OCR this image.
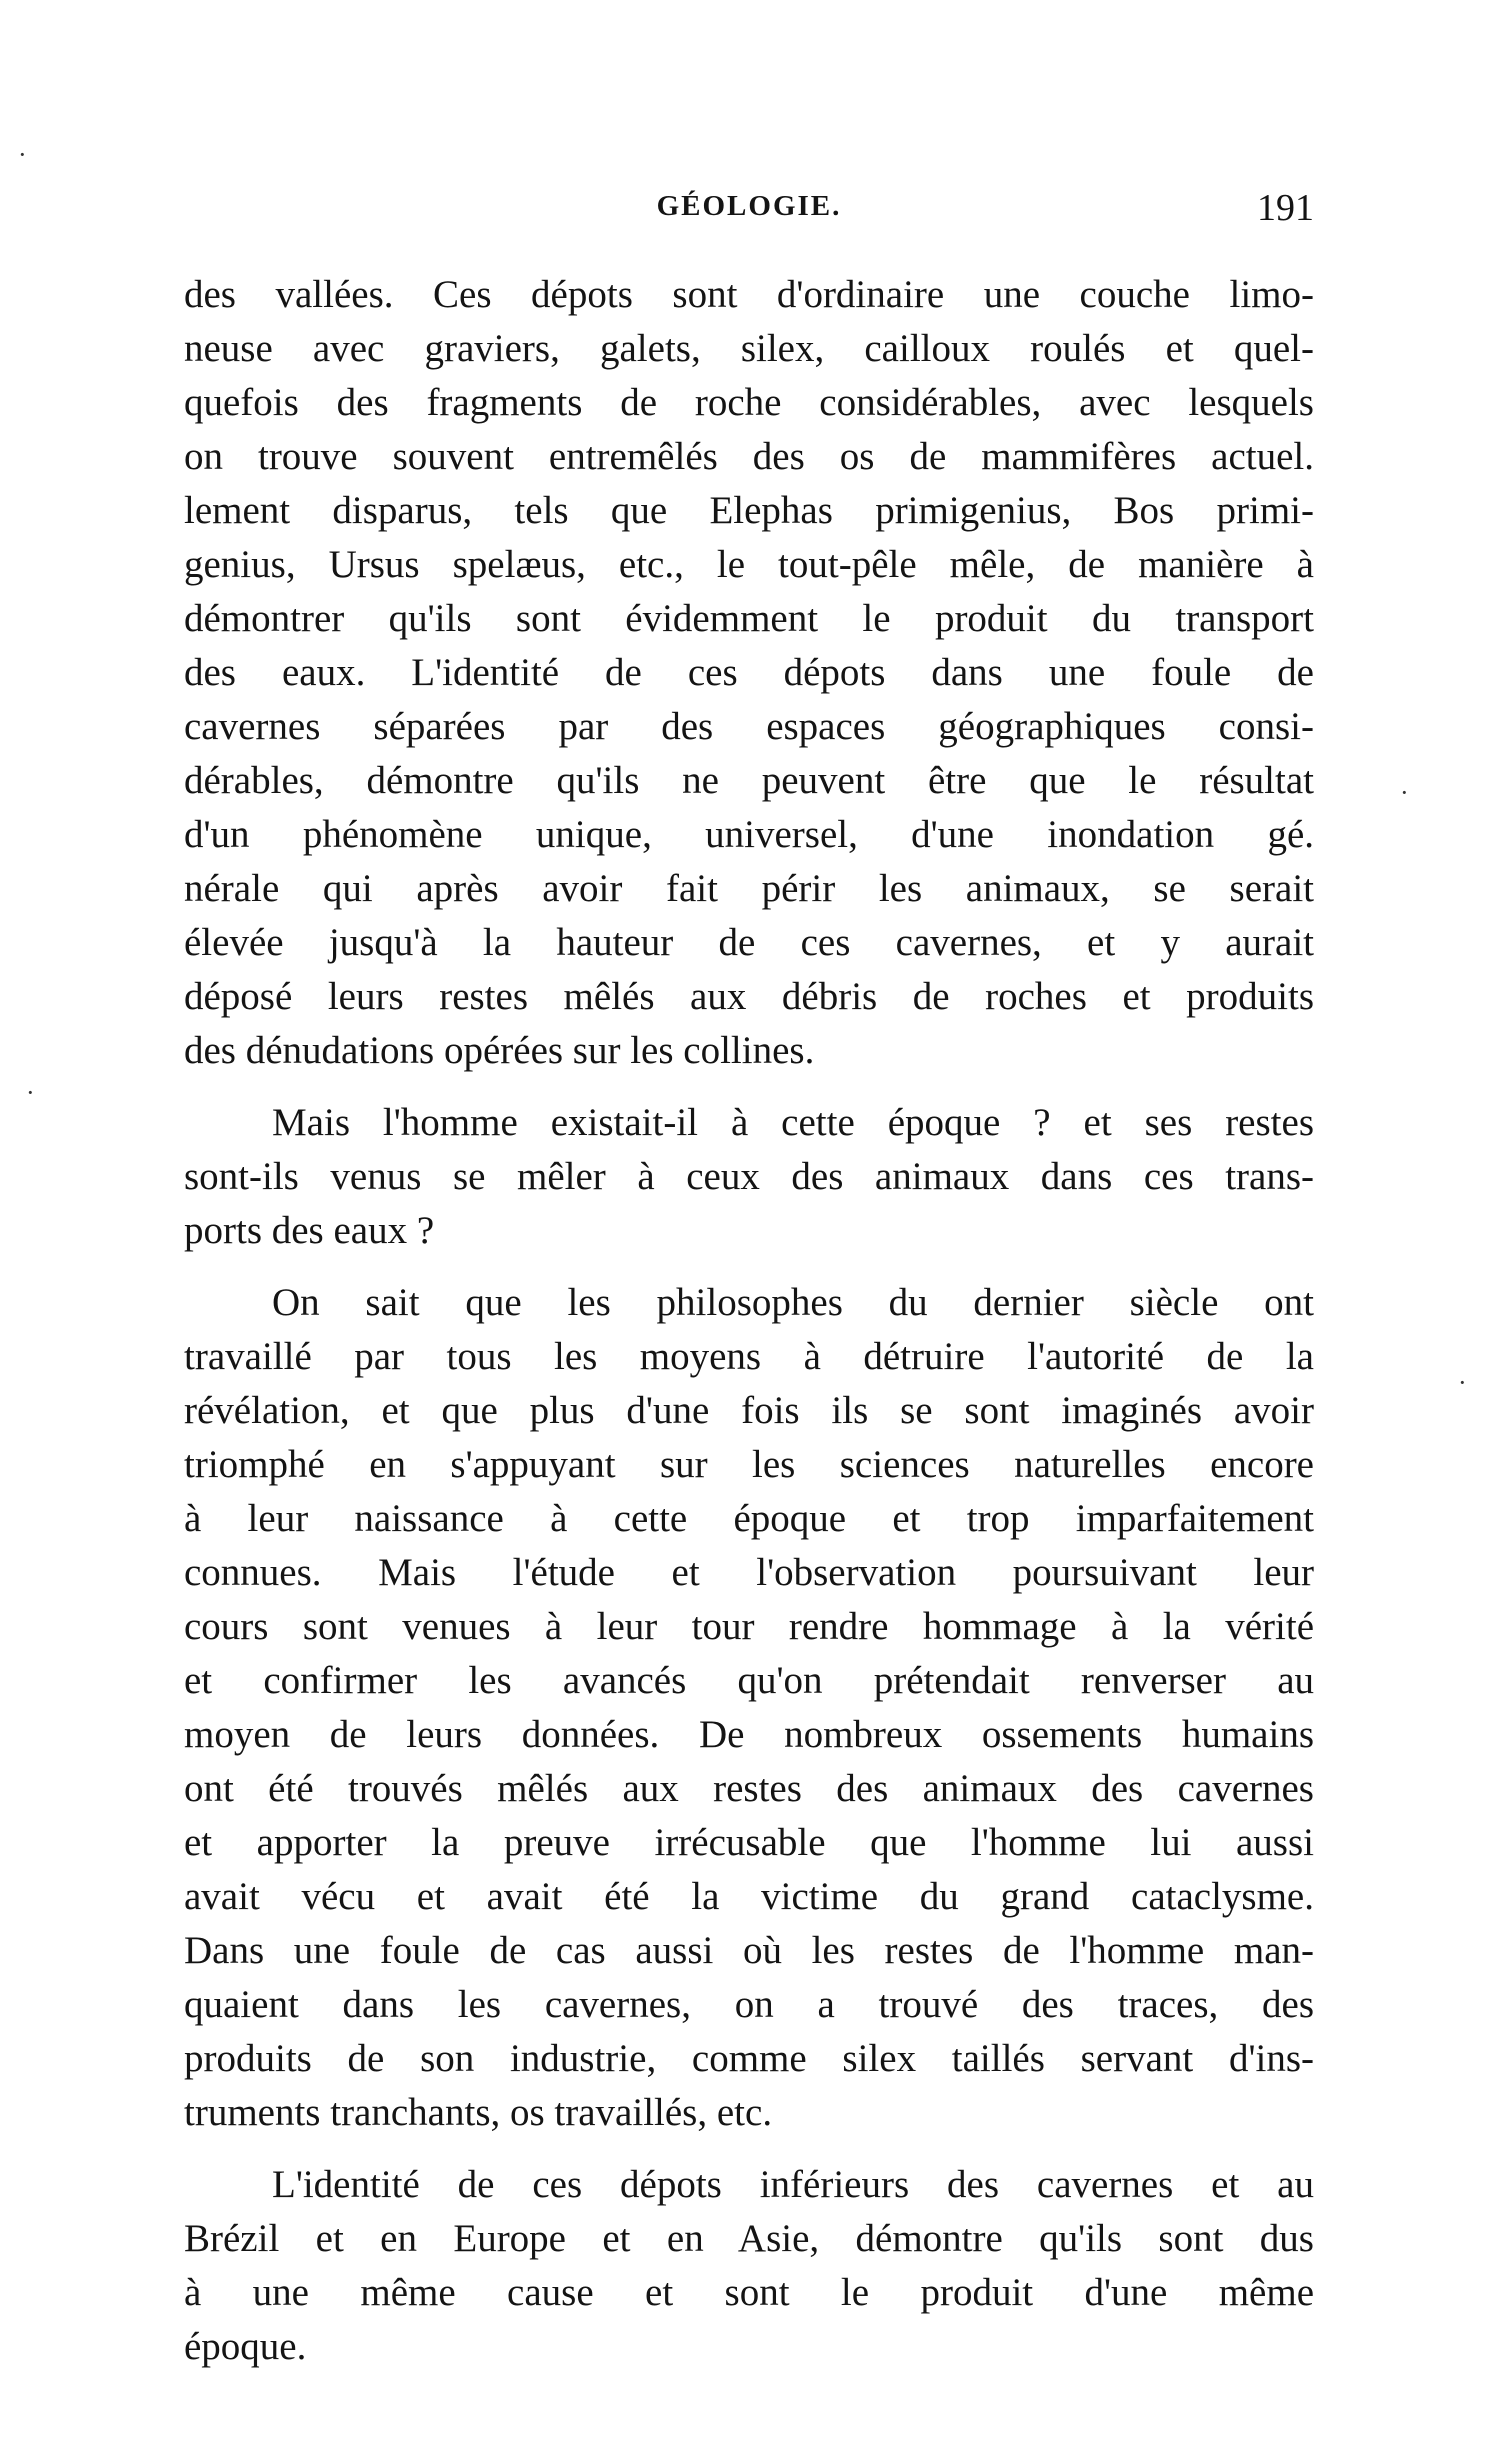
GÉOLOGIE.	191
des vallées. Ces dépots sont d'ordinaire une couche limo-
neuse avec graviers, galets, silex, cailloux roulés et quel-
quefois des fragments de roche considérables, avec lesquels
on trouve souvent entremêlés des os de mammifères actuel.
lement disparus, tels que Elephas primigenius, Bos primi-
genius, Ursus spelæus, etc., le tout-pêle mêle, de manière à
démontrer qu'ils sont évidemment le produit du transport
des eaux. L'identité de ces dépots dans une foule de
cavernes séparées par des espaces géographiques consi-
dérables, démontre qu'ils ne peuvent être que le résultat
d'un phénomène unique, universel, d'une inondation gé.
nérale qui après avoir fait périr les animaux, se serait
élevée jusqu'à la hauteur de ces cavernes, et y aurait
déposé leurs restes mêlés aux débris de roches et produits
des dénudations opérées sur les collines.
Mais l'homme existait-il à cette époque ? et ses restes
sont-ils venus se mêler à ceux des animaux dans ces trans-
ports des eaux ?
On sait que les philosophes du dernier siècle ont
travaillé par tous les moyens à détruire l'autorité de la
révélation, et que plus d'une fois ils se sont imaginés avoir
triomphé en s'appuyant sur les sciences naturelles encore
à leur naissance à cette époque et trop imparfaitement
connues. Mais l'étude et l'observation poursuivant leur
cours sont venues à leur tour rendre hommage à la vérité
et confirmer les avancés qu'on prétendait renverser au
moyen de leurs données. De nombreux ossements humains
ont été trouvés mêlés aux restes des animaux des cavernes
et apporter la preuve irrécusable que l'homme lui aussi
avait vécu et avait été la victime du grand cataclysme.
Dans une foule de cas aussi où les restes de l'homme man-
quaient dans les cavernes, on a trouvé des traces, des
produits de son industrie, comme silex taillés servant d'ins-
truments tranchants, os travaillés, etc.
L'identité de ces dépots inférieurs des cavernes et au
Brézil et en Europe et en Asie, démontre qu'ils sont dus
à une même cause et sont le produit d'une même
époque.
·
·
·
·
